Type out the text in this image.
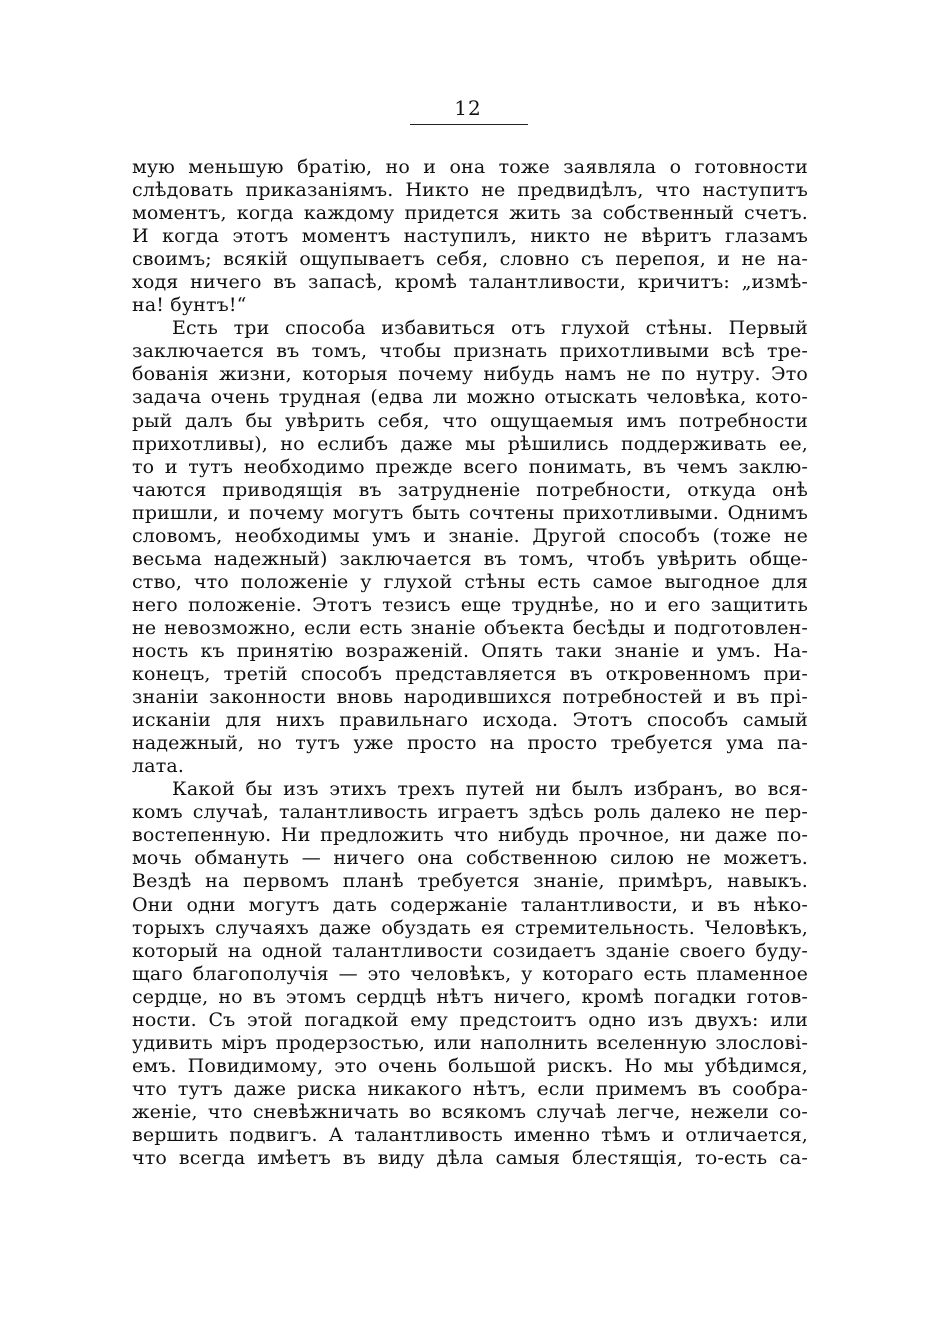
12
мую меньшую братію, но и она тоже заявляла о готовности
слѣдовать приказаніямъ. Никто не предвидѣлъ, что наступитъ
моментъ, когда каждому придется жить за собственный счетъ.
И когда этотъ моментъ наступилъ, никто не вѣритъ глазамъ
своимъ; всякій ощупываетъ себя, словно съ перепоя, и не на-
ходя ничего въ запасѣ, кромѣ талантливости, кричитъ: „измѣ-
на! бунтъ!“
Есть три способа избавиться отъ глухой стѣны. Первый
заключается въ томъ, чтобы признать прихотливыми всѣ тре-
бованія жизни, которыя почему нибудь намъ не по нутру. Это
задача очень трудная (едва ли можно отыскать человѣка, кото-
рый далъ бы увѣрить себя, что ощущаемыя имъ потребности
прихотливы), но еслибъ даже мы рѣшились поддерживать ее,
то и тутъ необходимо прежде всего понимать, въ чемъ заклю-
чаются приводящія въ затрудненіе потребности, откуда онѣ
пришли, и почему могутъ быть сочтены прихотливыми. Однимъ
словомъ, необходимы умъ и знаніе. Другой способъ (тоже не
весьма надежный) заключается въ томъ, чтобъ увѣрить обще-
ство, что положеніе у глухой стѣны есть самое выгодное для
него положеніе. Этотъ тезисъ еще труднѣе, но и его защитить
не невозможно, если есть знаніе объекта бесѣды и подготовлен-
ность къ принятію возраженій. Опять таки знаніе и умъ. На-
конецъ, третій способъ представляется въ откровенномъ при-
знаніи законности вновь народившихся потребностей и въ прі-
исканіи для нихъ правильнаго исхода. Этотъ способъ самый
надежный, но тутъ уже просто на просто требуется ума па-
лата.
Какой бы изъ этихъ трехъ путей ни былъ избранъ, во вся-
комъ случаѣ, талантливость играетъ здѣсь роль далеко не пер-
востепенную. Ни предложить что нибудь прочное, ни даже по-
мочь обмануть — ничего она собственною силою не можетъ.
Вездѣ на первомъ планѣ требуется знаніе, примѣръ, навыкъ.
Они одни могутъ дать содержаніе талантливости, и въ нѣко-
торыхъ случаяхъ даже обуздать ея стремительность. Человѣкъ,
который на одной талантливости созидаетъ зданіе своего буду-
щаго благополучія — это человѣкъ, у котораго есть пламенное
сердце, но въ этомъ сердцѣ нѣтъ ничего, кромѣ погадки готов-
ности. Съ этой погадкой ему предстоитъ одно изъ двухъ: или
удивить міръ продерзостью, или наполнить вселенную злослові-
емъ. Повидимому, это очень большой рискъ. Но мы убѣдимся,
что тутъ даже риска никакого нѣтъ, если примемъ въ сообра-
женіе, что сневѣжничать во всякомъ случаѣ легче, нежели со-
вершить подвигъ. А талантливость именно тѣмъ и отличается,
что всегда имѣетъ въ виду дѣла самыя блестящія, то-есть са-
